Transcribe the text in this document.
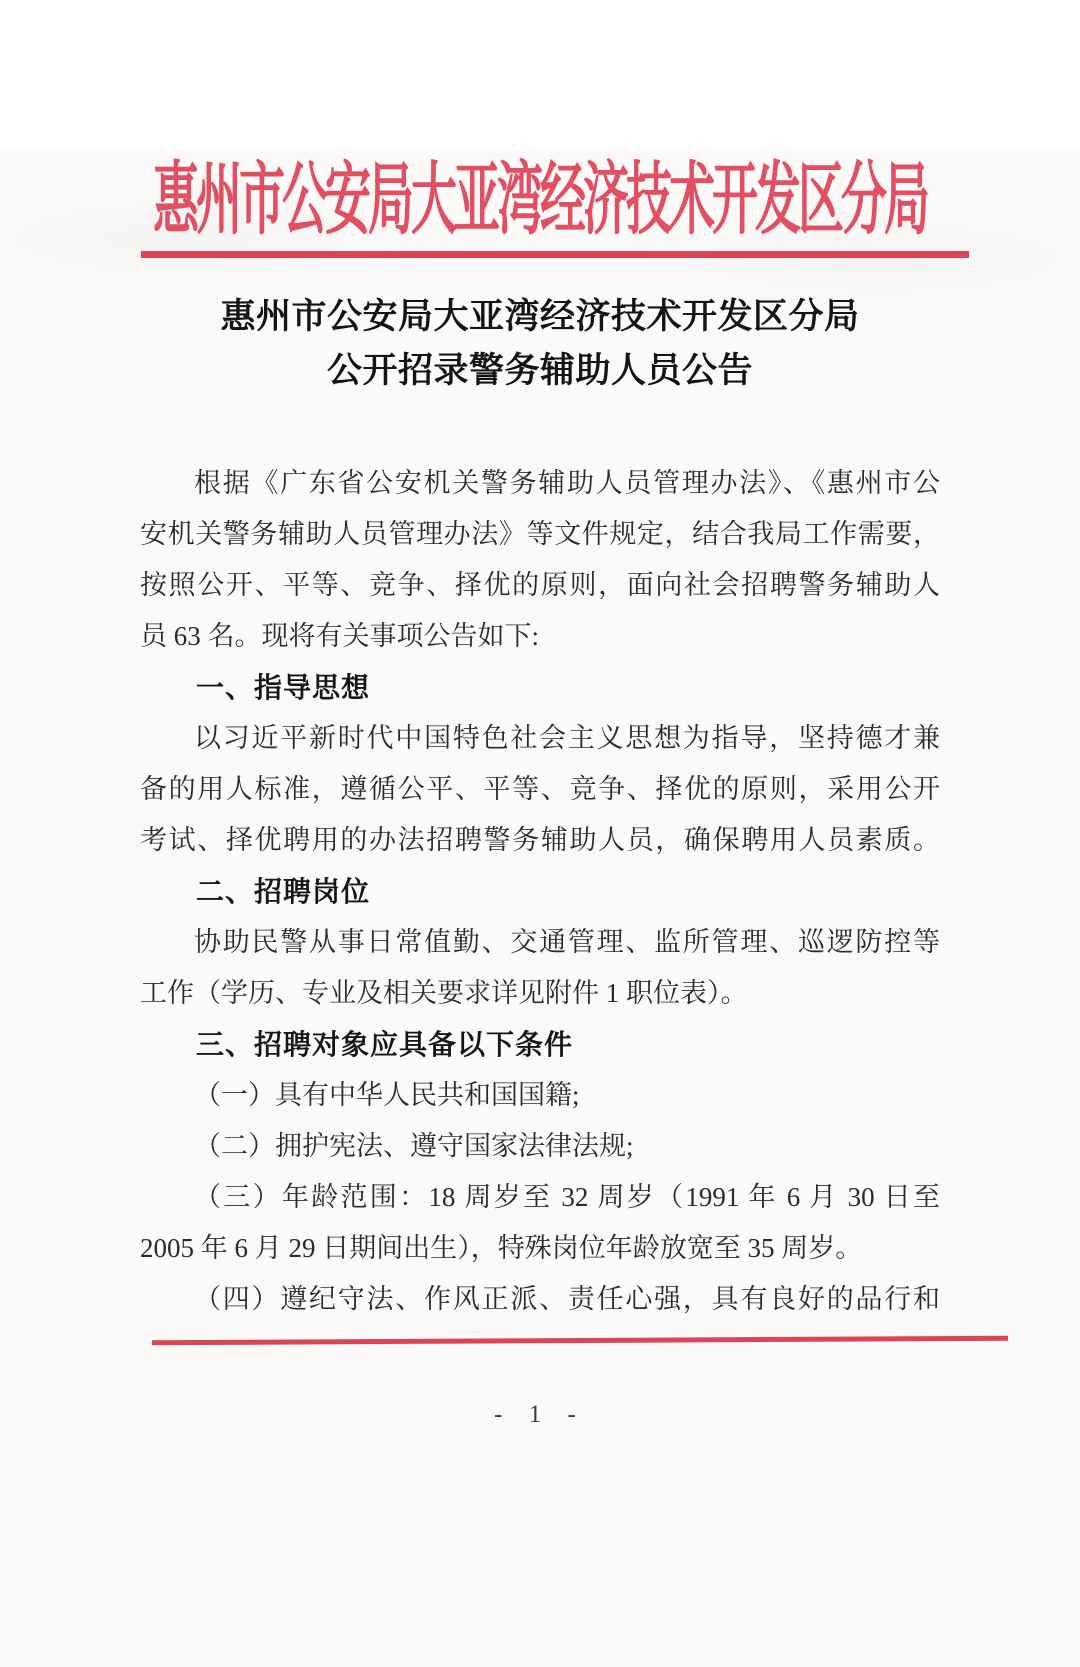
惠州市公安局大亚湾经济技术开发区分局
惠州市公安局大亚湾经济技术开发区分局
公开招录警务辅助人员公告
根据《广东省公安机关警务辅助人员管理办法》、《惠州市公
安机关警务辅助人员管理办法》等文件规定，结合我局工作需要，
按照公开、平等、竞争、择优的原则，面向社会招聘警务辅助人
员 63 名。现将有关事项公告如下:
一、指导思想
以习近平新时代中国特色社会主义思想为指导，坚持德才兼
备的用人标准，遵循公平、平等、竞争、择优的原则，采用公开
考试、择优聘用的办法招聘警务辅助人员，确保聘用人员素质。
二、招聘岗位
协助民警从事日常值勤、交通管理、监所管理、巡逻防控等
工作（学历、专业及相关要求详见附件 1 职位表）。
三、招聘对象应具备以下条件
（一）具有中华人民共和国国籍;
（二）拥护宪法、遵守国家法律法规;
（三）年龄范围：18 周岁至 32 周岁（1991 年 6 月 30 日至
2005 年 6 月 29 日期间出生），特殊岗位年龄放宽至 35 周岁。
（四）遵纪守法、作风正派、责任心强，具有良好的品行和
- 1 -
